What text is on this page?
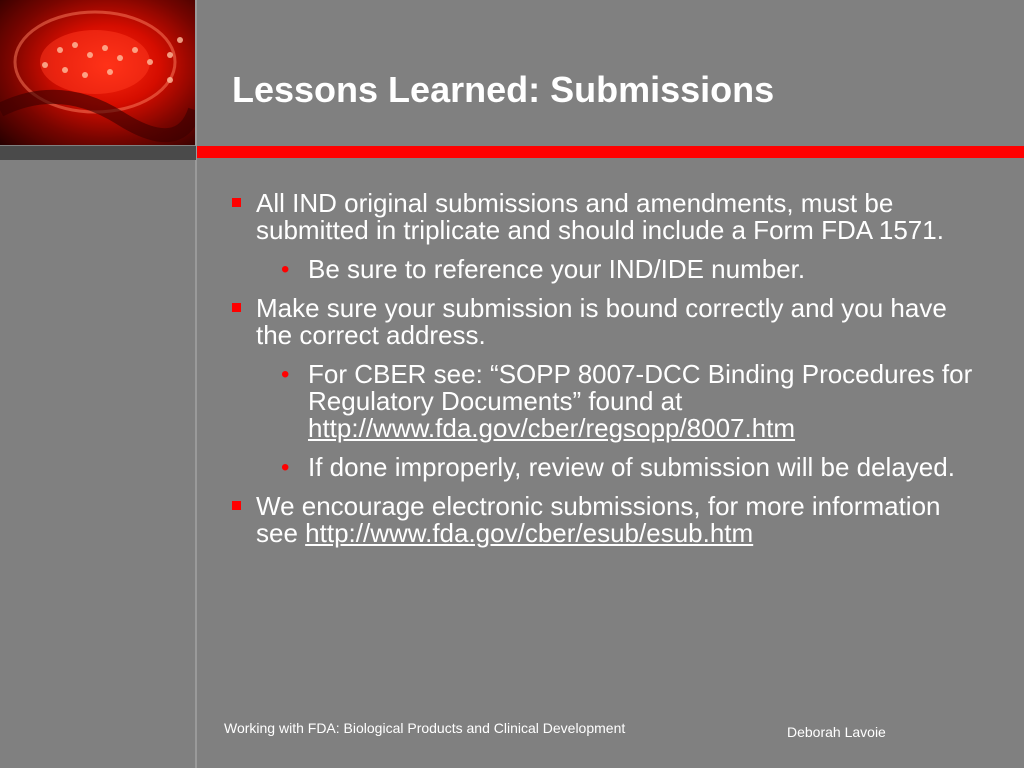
Lessons Learned: Submissions
All IND original submissions and amendments, must be submitted in triplicate and should include a Form FDA 1571.
• Be sure to reference your IND/IDE number.
Make sure your submission is bound correctly and you have the correct address.
• For CBER see: “SOPP 8007-DCC Binding Procedures for Regulatory Documents” found at http://www.fda.gov/cber/regsopp/8007.htm
• If done improperly, review of submission will be delayed.
We encourage electronic submissions, for more information see http://www.fda.gov/cber/esub/esub.htm
Working with FDA: Biological Products and Clinical Development	Deborah Lavoie
